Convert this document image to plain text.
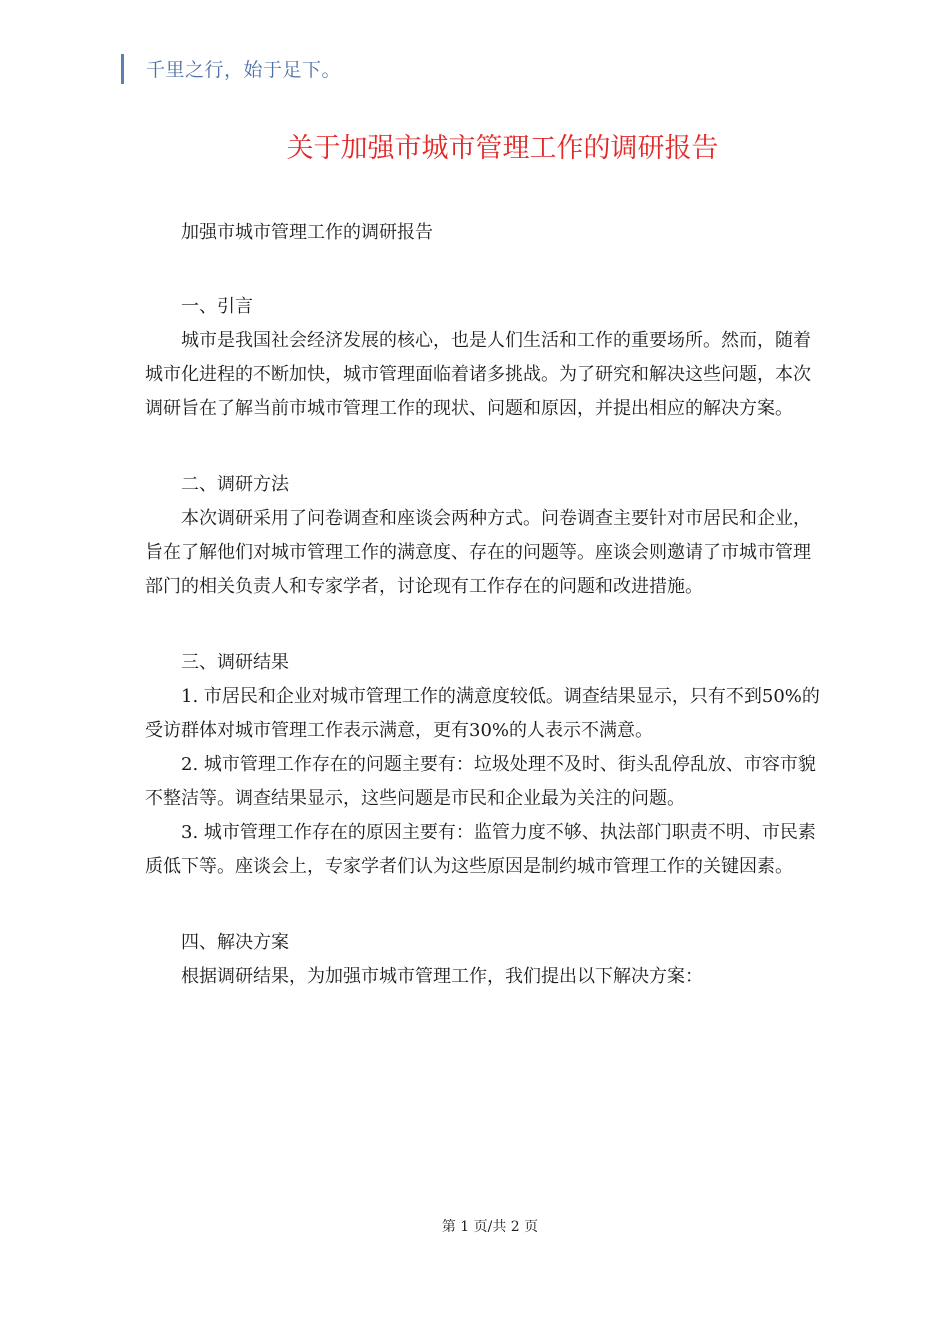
千里之行，始于足下。
关于加强市城市管理工作的调研报告

加强市城市管理工作的调研报告

一、引言

城市是我国社会经济发展的核心，也是人们生活和工作的重要场所。然而，随着城市化进程的不断加快，城市管理面临着诸多挑战。为了研究和解决这些问题，本次调研旨在了解当前市城市管理工作的现状、问题和原因，并提出相应的解决方案。

二、调研方法

本次调研采用了问卷调查和座谈会两种方式。问卷调查主要针对市居民和企业，旨在了解他们对城市管理工作的满意度、存在的问题等。座谈会则邀请了市城市管理部门的相关负责人和专家学者，讨论现有工作存在的问题和改进措施。

三、调研结果

1. 市居民和企业对城市管理工作的满意度较低。调查结果显示，只有不到50%的受访群体对城市管理工作表示满意，更有30%的人表示不满意。

2. 城市管理工作存在的问题主要有：垃圾处理不及时、街头乱停乱放、市容市貌不整洁等。调查结果显示，这些问题是市民和企业最为关注的问题。

3. 城市管理工作存在的原因主要有：监管力度不够、执法部门职责不明、市民素质低下等。座谈会上，专家学者们认为这些原因是制约城市管理工作的关键因素。

四、解决方案

根据调研结果，为加强市城市管理工作，我们提出以下解决方案：

第 1 页/共 2 页
